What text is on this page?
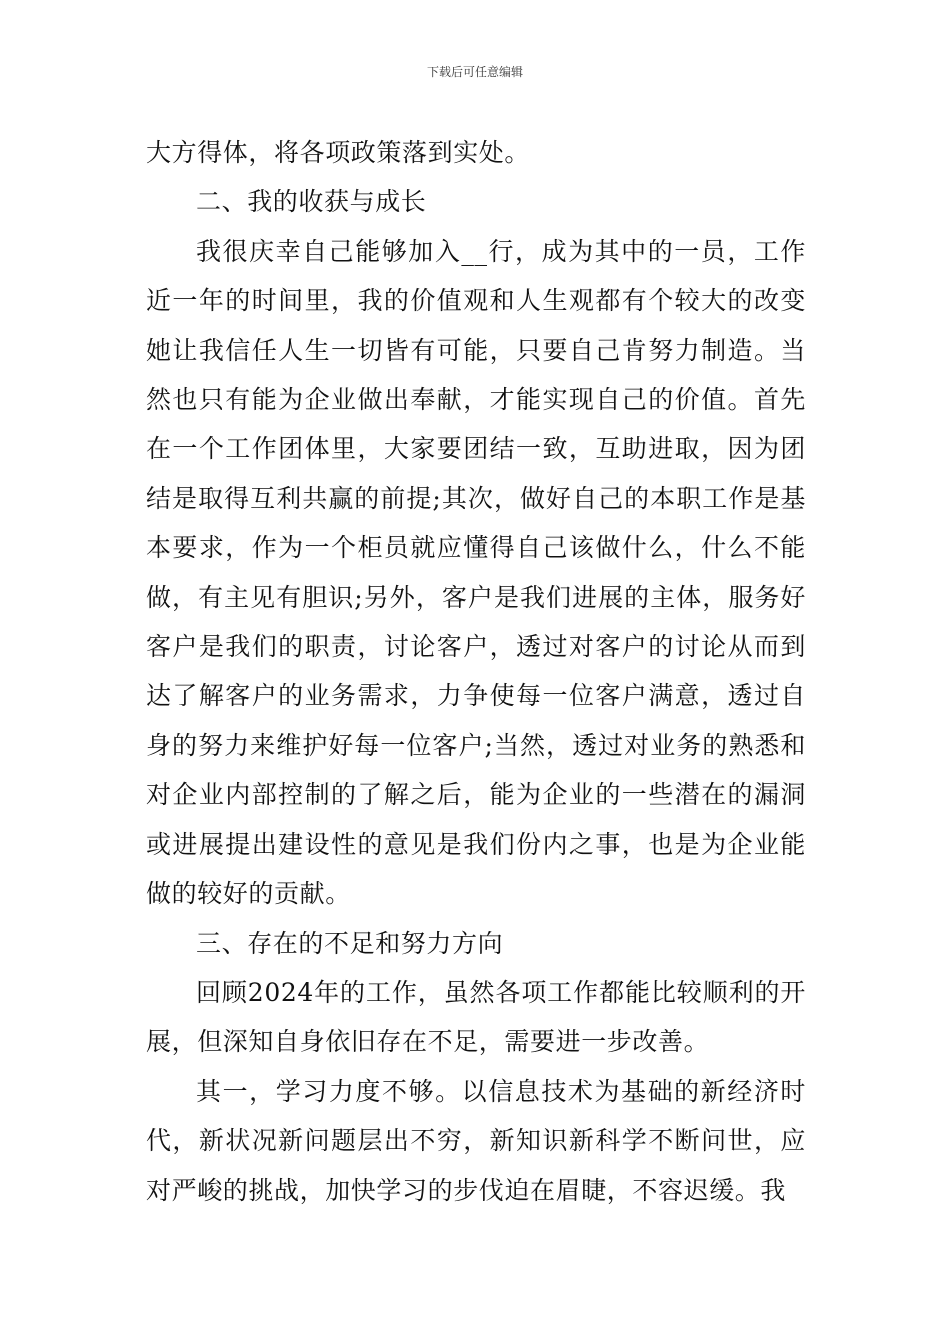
下载后可任意编辑

大方得体，将各项政策落到实处。

二、我的收获与成长

我很庆幸自己能够加入__行，成为其中的一员，工作
近一年的时间里，我的价值观和人生观都有个较大的改变
她让我信任人生一切皆有可能，只要自己肯努力制造。当
然也只有能为企业做出奉献，才能实现自己的价值。首先
在一个工作团体里，大家要团结一致，互助进取，因为团
结是取得互利共赢的前提;其次，做好自己的本职工作是基
本要求，作为一个柜员就应懂得自己该做什么，什么不能
做，有主见有胆识;另外，客户是我们进展的主体，服务好
客户是我们的职责，讨论客户，透过对客户的讨论从而到
达了解客户的业务需求，力争使每一位客户满意，透过自
身的努力来维护好每一位客户;当然，透过对业务的熟悉和
对企业内部控制的了解之后，能为企业的一些潜在的漏洞
或进展提出建设性的意见是我们份内之事，也是为企业能
做的较好的贡献。

三、存在的不足和努力方向

回顾2024年的工作，虽然各项工作都能比较顺利的开
展，但深知自身依旧存在不足，需要进一步改善。

其一，学习力度不够。以信息技术为基础的新经济时
代，新状况新问题层出不穷，新知识新科学不断问世，应
对严峻的挑战，加快学习的步伐迫在眉睫，不容迟缓。我
